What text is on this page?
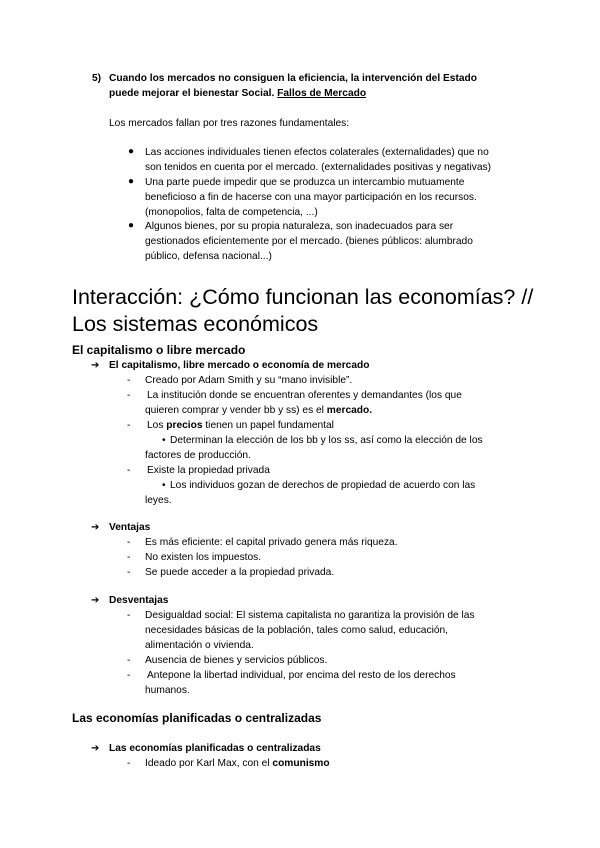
5) Cuando los mercados no consiguen la eficiencia, la intervención del Estado
puede mejorar el bienestar Social. Fallos de Mercado
Los mercados fallan por tres razones fundamentales:
● Las acciones individuales tienen efectos colaterales (externalidades) que no
son tenidos en cuenta por el mercado. (externalidades positivas y negativas)
● Una parte puede impedir que se produzca un intercambio mutuamente
beneficioso a fin de hacerse con una mayor participación en los recursos.
(monopolios, falta de competencia, ...)
● Algunos bienes, por su propia naturaleza, son inadecuados para ser
gestionados eficientemente por el mercado. (bienes públicos: alumbrado
público, defensa nacional...)
Interacción: ¿Cómo funcionan las economías? //
Los sistemas económicos
El capitalismo o libre mercado
➔ El capitalismo, libre mercado o economía de mercado
- Creado por Adam Smith y su “mano invisible”.
- La institución donde se encuentran oferentes y demandantes (los que
quieren comprar y vender bb y ss) es el mercado.
- Los precios tienen un papel fundamental
• Determinan la elección de los bb y los ss, así como la elección de los
factores de producción.
- Existe la propiedad privada
• Los individuos gozan de derechos de propiedad de acuerdo con las
leyes.
➔ Ventajas
- Es más eficiente: el capital privado genera más riqueza.
- No existen los impuestos.
- Se puede acceder a la propiedad privada.
➔ Desventajas
- Desigualdad social: El sistema capitalista no garantiza la provisión de las
necesidades básicas de la población, tales como salud, educación,
alimentación o vivienda.
- Ausencia de bienes y servicios públicos.
- Antepone la libertad individual, por encima del resto de los derechos
humanos.
Las economías planificadas o centralizadas
➔ Las economías planificadas o centralizadas
- Ideado por Karl Max, con el comunismo
